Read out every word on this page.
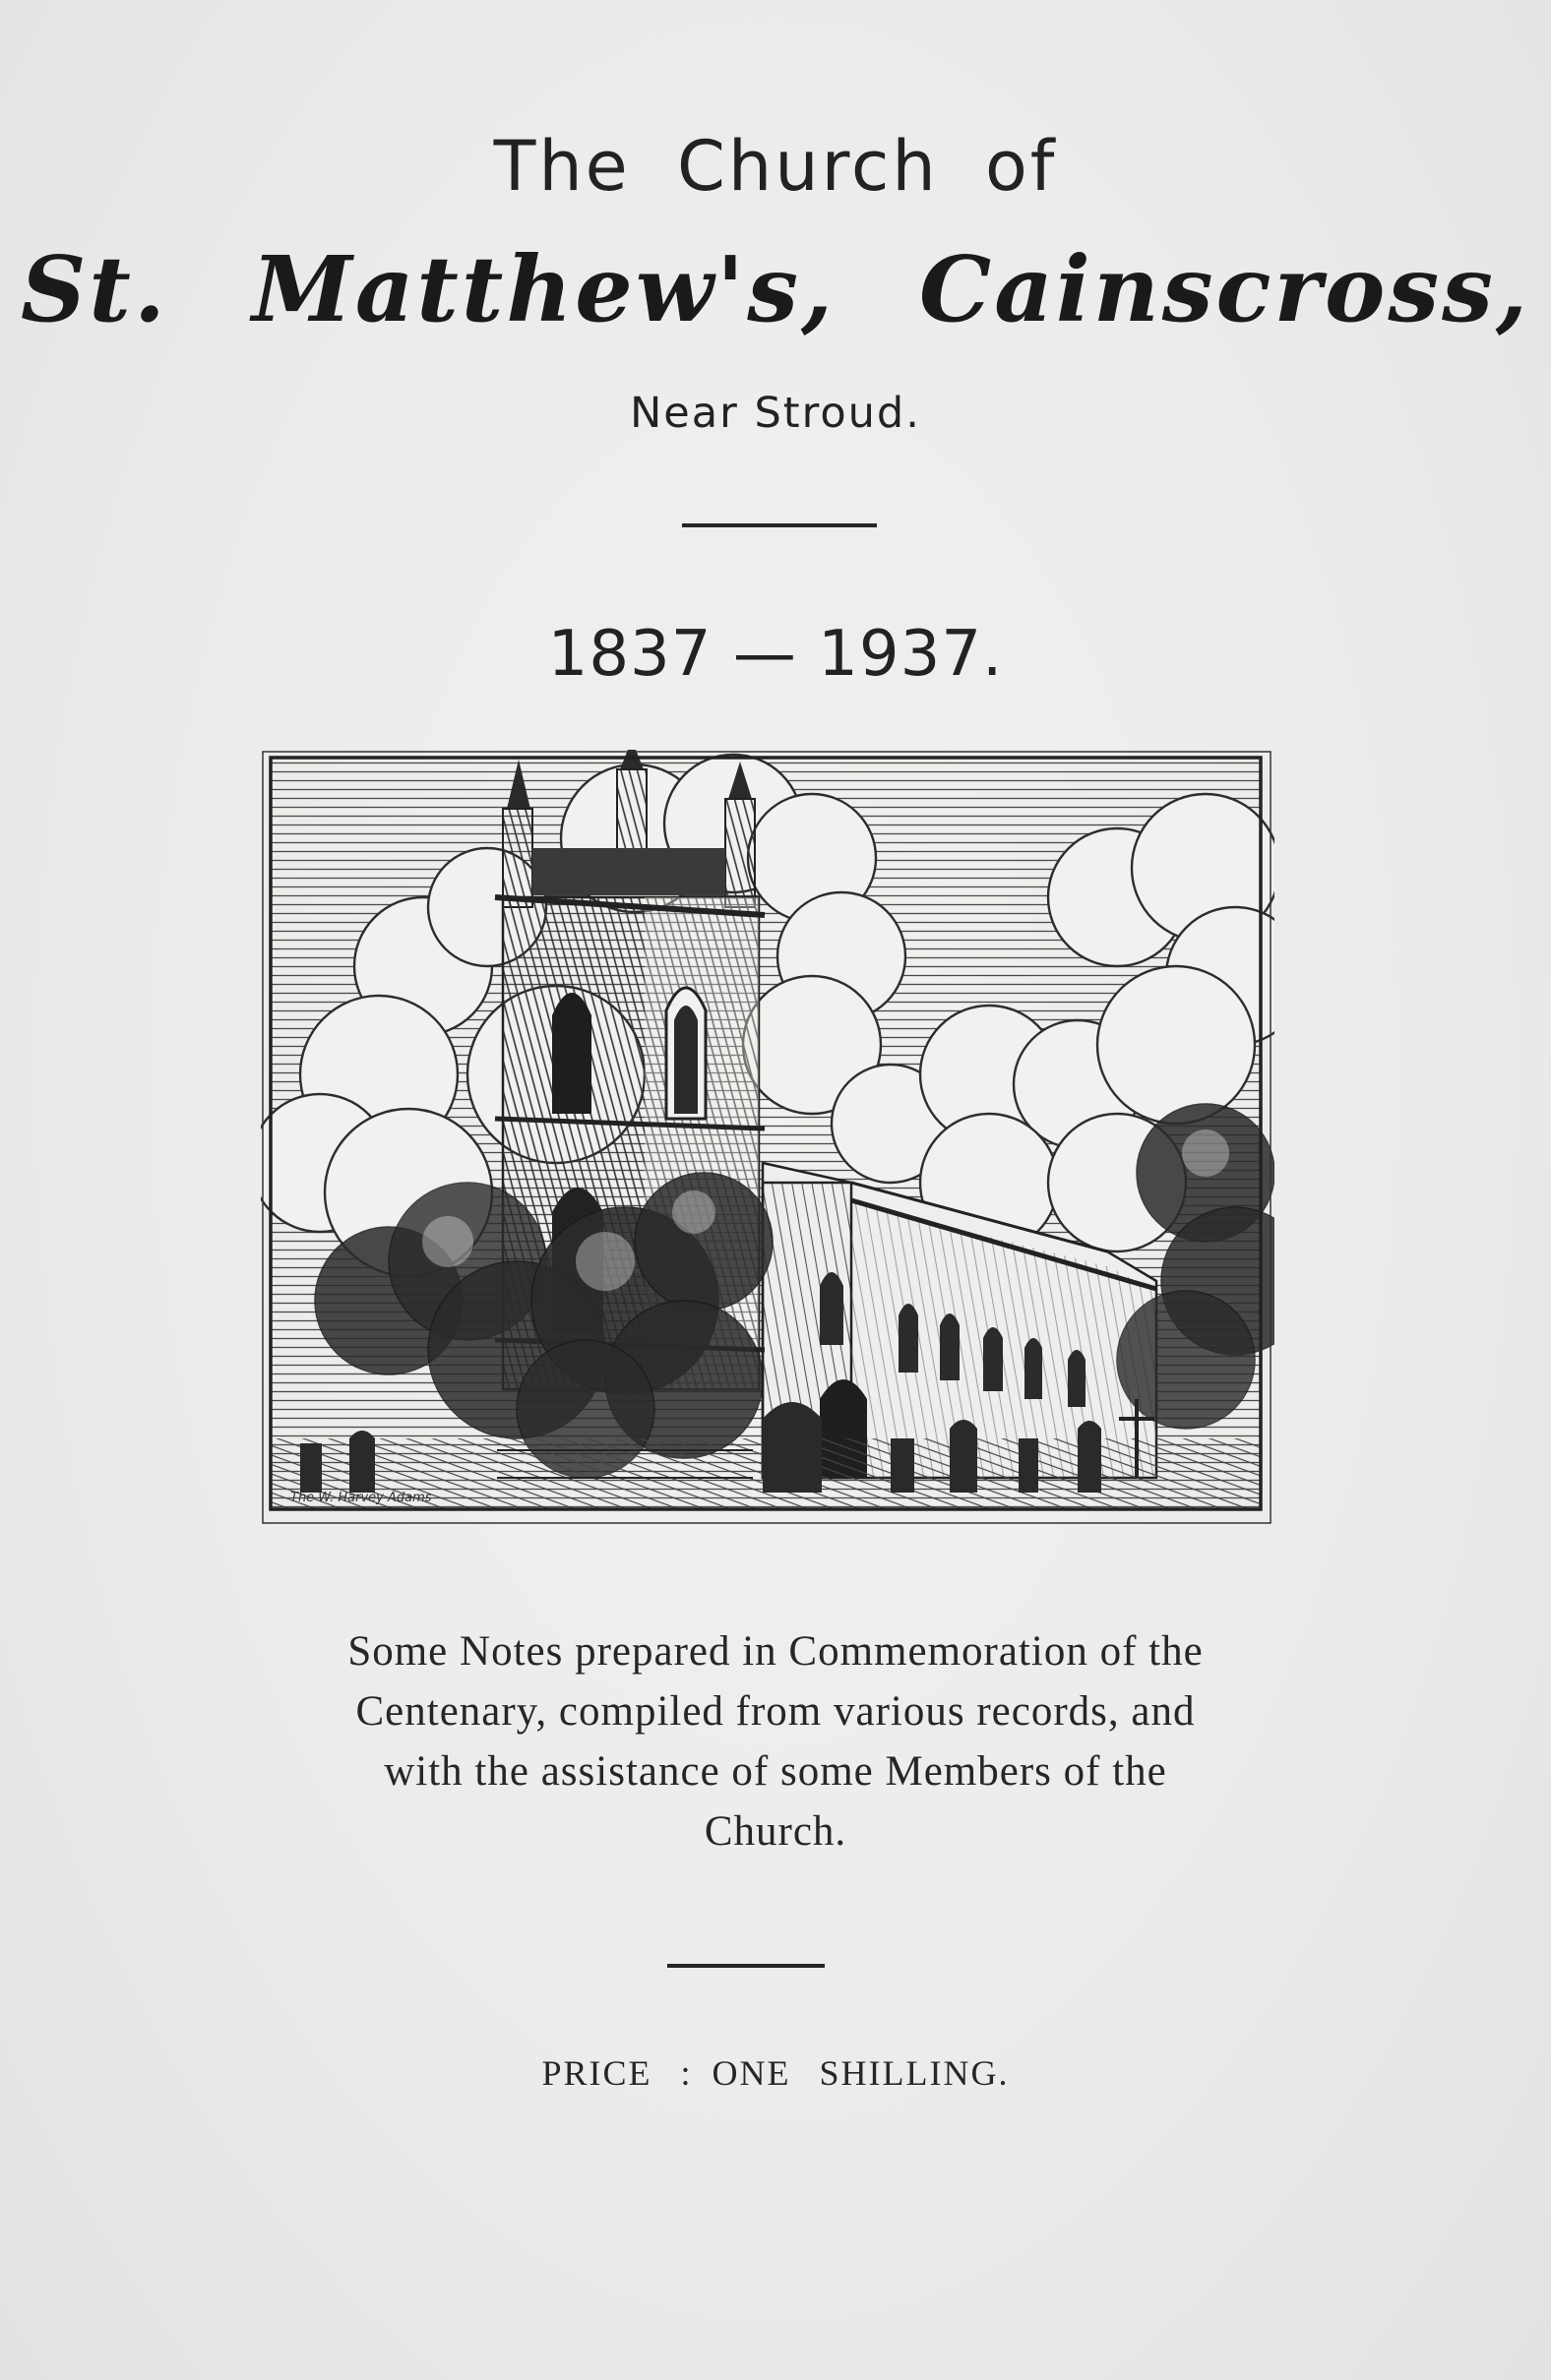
The Church of
St. Matthew's, Cainscross,
Near Stroud.
1837 — 1937.
The W. Harvey Adams
Some Notes prepared in Commemoration of the Centenary, compiled from various records, and with the assistance of some Members of the Church.
PRICE : ONE SHILLING.
